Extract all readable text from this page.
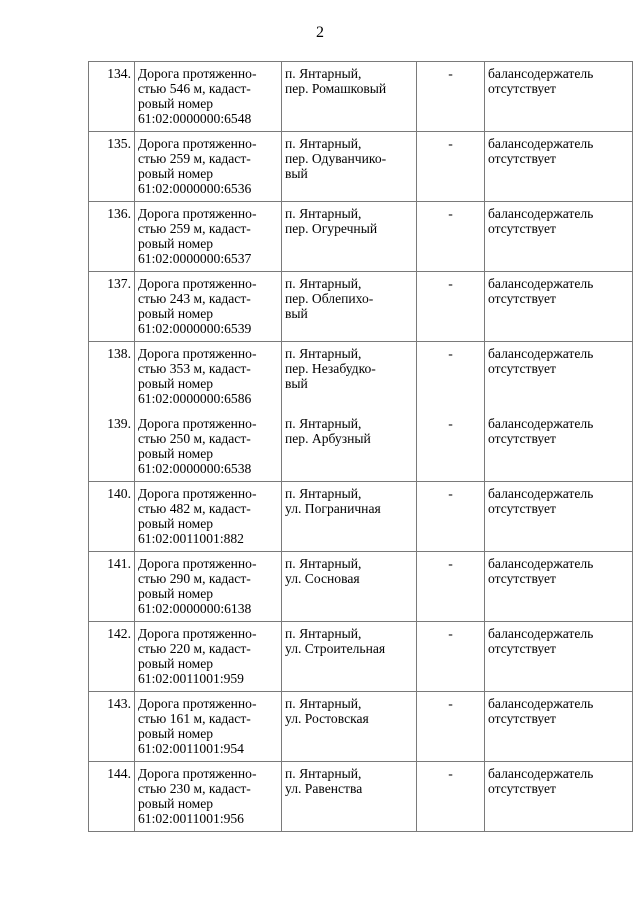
2
134.	Дорога протяженно-
стью 546 м, кадаст-
ровый номер
61:02:0000000:6548	п. Янтарный,
пер. Ромашковый	-	балансодержатель
отсутствует

135.	Дорога протяженно-
стью 259 м, кадаст-
ровый номер
61:02:0000000:6536	п. Янтарный,
пер. Одуванчико-
вый	-	балансодержатель
отсутствует

136.	Дорога протяженно-
стью 259 м, кадаст-
ровый номер
61:02:0000000:6537	п. Янтарный,
пер. Огуречный	-	балансодержатель
отсутствует

137.	Дорога протяженно-
стью 243 м, кадаст-
ровый номер
61:02:0000000:6539	п. Янтарный,
пер. Облепихо-
вый	-	балансодержатель
отсутствует

138.	Дорога протяженно-
стью 353 м, кадаст-
ровый номер
61:02:0000000:6586	п. Янтарный,
пер. Незабудко-
вый	-	балансодержатель
отсутствует

139.	Дорога протяженно-
стью 250 м, кадаст-
ровый номер
61:02:0000000:6538	п. Янтарный,
пер. Арбузный	-	балансодержатель
отсутствует

140.	Дорога протяженно-
стью 482 м, кадаст-
ровый номер
61:02:0011001:882	п. Янтарный,
ул. Пограничная	-	балансодержатель
отсутствует

141.	Дорога протяженно-
стью 290 м, кадаст-
ровый номер
61:02:0000000:6138	п. Янтарный,
ул. Сосновая	-	балансодержатель
отсутствует

142.	Дорога протяженно-
стью 220 м, кадаст-
ровый номер
61:02:0011001:959	п. Янтарный,
ул. Строительная	-	балансодержатель
отсутствует

143.	Дорога протяженно-
стью 161 м, кадаст-
ровый номер
61:02:0011001:954	п. Янтарный,
ул. Ростовская	-	балансодержатель
отсутствует

144.	Дорога протяженно-
стью 230 м, кадаст-
ровый номер
61:02:0011001:956	п. Янтарный,
ул. Равенства	-	балансодержатель
отсутствует
